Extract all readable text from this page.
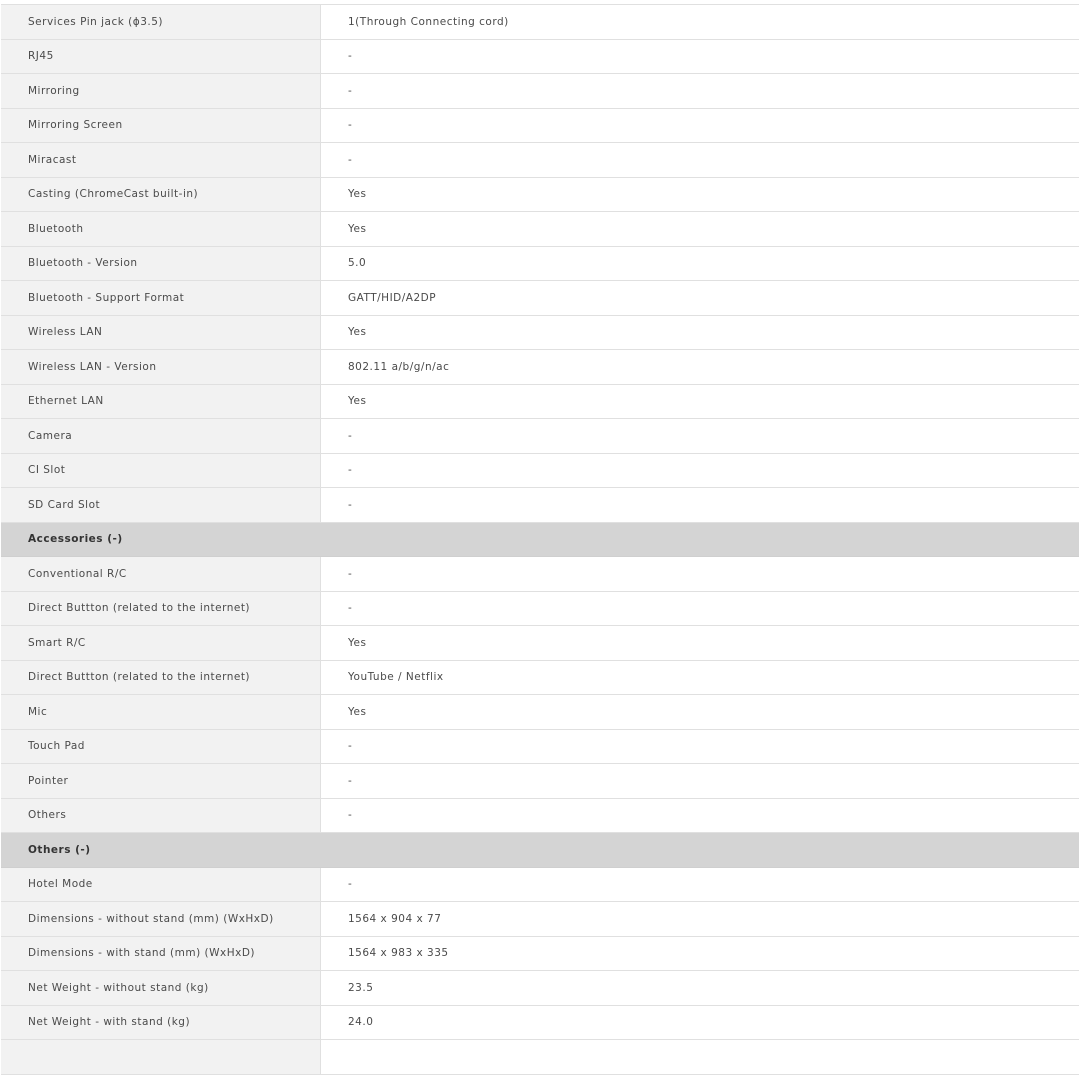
Services Pin jack (ϕ3.5)	1(Through Connecting cord)
RJ45	-
Mirroring	-
Mirroring Screen	-
Miracast	-
Casting (ChromeCast built-in)	Yes
Bluetooth	Yes
Bluetooth - Version	5.0
Bluetooth - Support Format	GATT/HID/A2DP
Wireless LAN	Yes
Wireless LAN - Version	802.11 a/b/g/n/ac
Ethernet LAN	Yes
Camera	-
CI Slot	-
SD Card Slot	-
Accessories (-)
Conventional R/C	-
Direct Buttton (related to the internet)	-
Smart R/C	Yes
Direct Buttton (related to the internet)	YouTube / Netflix
Mic	Yes
Touch Pad	-
Pointer	-
Others	-
Others (-)
Hotel Mode	-
Dimensions - without stand (mm) (WxHxD)	1564 x 904 x 77
Dimensions - with stand (mm) (WxHxD)	1564 x 983 x 335
Net Weight - without stand (kg)	23.5
Net Weight - with stand (kg)	24.0
